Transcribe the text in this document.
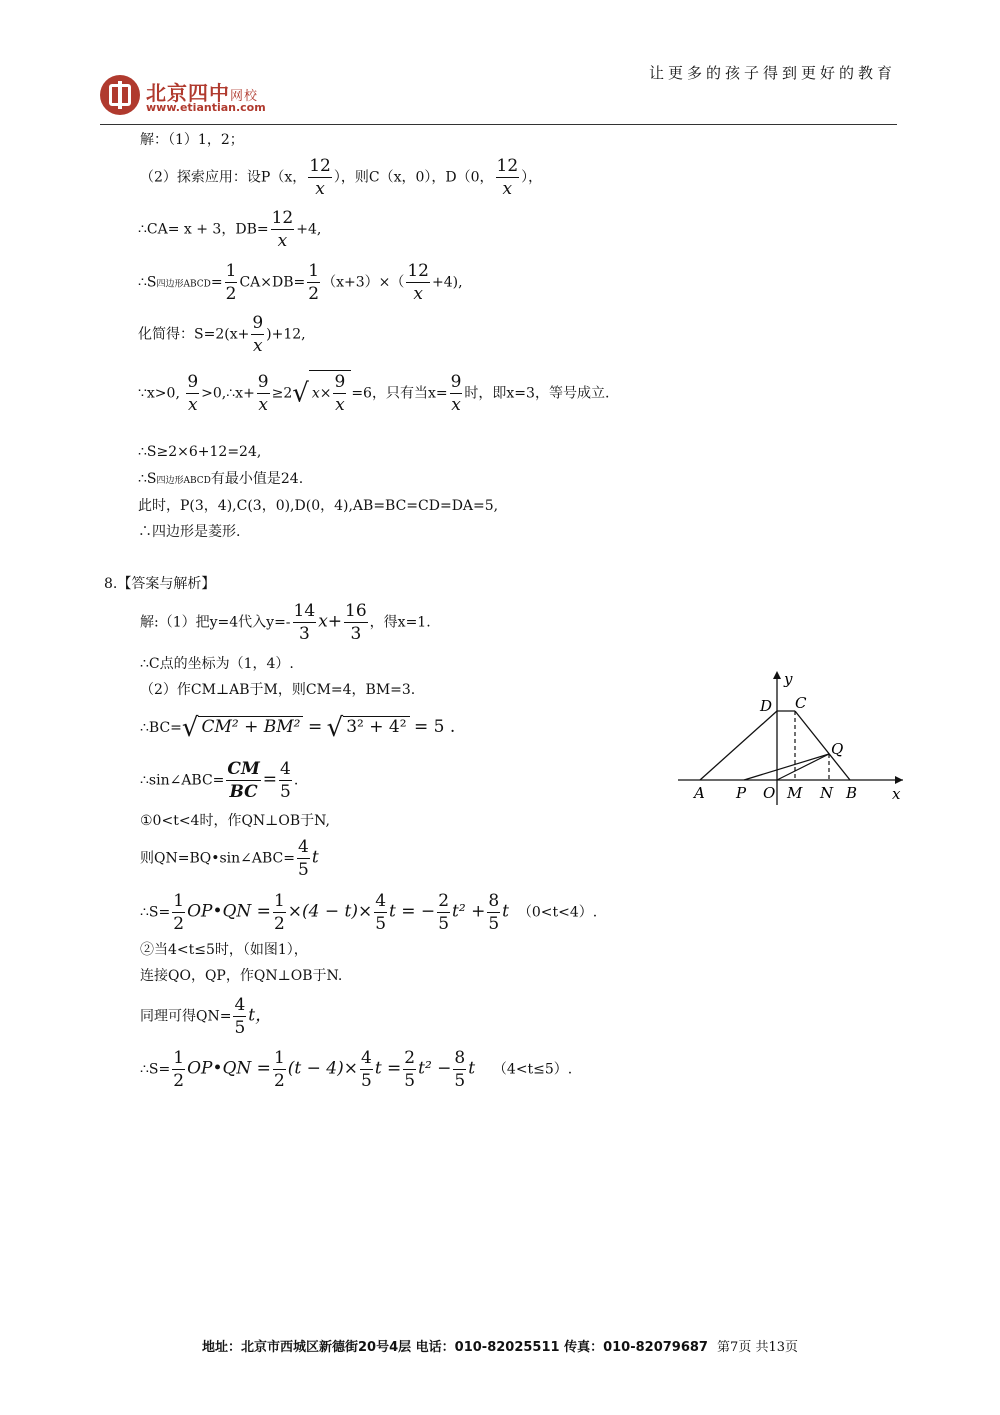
北京四中网校
www.etiantian.com
让更多的孩子得到更好的教育
解：（1）1，2；
（2）探索应用：设P（x， $\frac{12}{x}$ ），则C（x，0），D（0， $\frac{12}{x}$ ），
∴CA= x + 3，$DB= \frac{12}{x} +4$,
∴S四边形ABCD= $\frac{1}{2} CA\times DB= \frac{1}{2} (x+3)\times( \frac{12}{x} +4)$,
化简得：$S=2(x+ \frac{9}{x} )+12$,
∵x>0, $\frac{9}{x}$ >0,∴x+ $\frac{9}{x} \ge 2√$ $x\times \frac{9}{x} =6$，只有当$x= \frac{9}{x}$ 时，即x=3，等号成立.
∴S≥2×6+12=24,
∴S四边形ABCD有最小值是24.
此时，P(3，4),C(3，0),D(0，4),AB=BC=CD=DA=5,
∴四边形是菱形.
8.【答案与解析】
解:（1）把y=4代入$y=- \frac{14}{3} x+ \frac{16}{3}$ ，得x=1.
∴C点的坐标为（1，4）.
（2）作CM⊥AB于M，则CM=4，BM=3.
∴BC=√ CM² + BM² = √ 3² + 4² = 5 .
∴sin∠ABC= $\frac{CM}{BC} = \frac{4}{5}$ .
①0<t<4时，作QN⊥OB于N,
则QN=BQ•sin∠ABC= $\frac{4}{5}$ t
∴S= $\frac{1}{2}$ OP•QN = $\frac{1}{2} \times(4 - t)\times \frac{4}{5}$ t = − $\frac{2}{5} t^2 + \frac{8}{5}$ t （0<t<4）.
②当4<t≤5时，（如图1），
连接QO，QP，作QN⊥OB于N.
同理可得$QN= \frac{4}{5}$ t，
∴S= $\frac{1}{2}$ OP•QN = $\frac{1}{2} (t - 4)\times \frac{4}{5}$ $t = \frac{2}{5} t^2 - \frac{8}{5}$ t （4<t≤5）.
y
x
D C
Q
A P O M N B
地址：北京市西城区新德街20号4层 电话：010-82025511 传真：010-82079687 第7页 共13页
